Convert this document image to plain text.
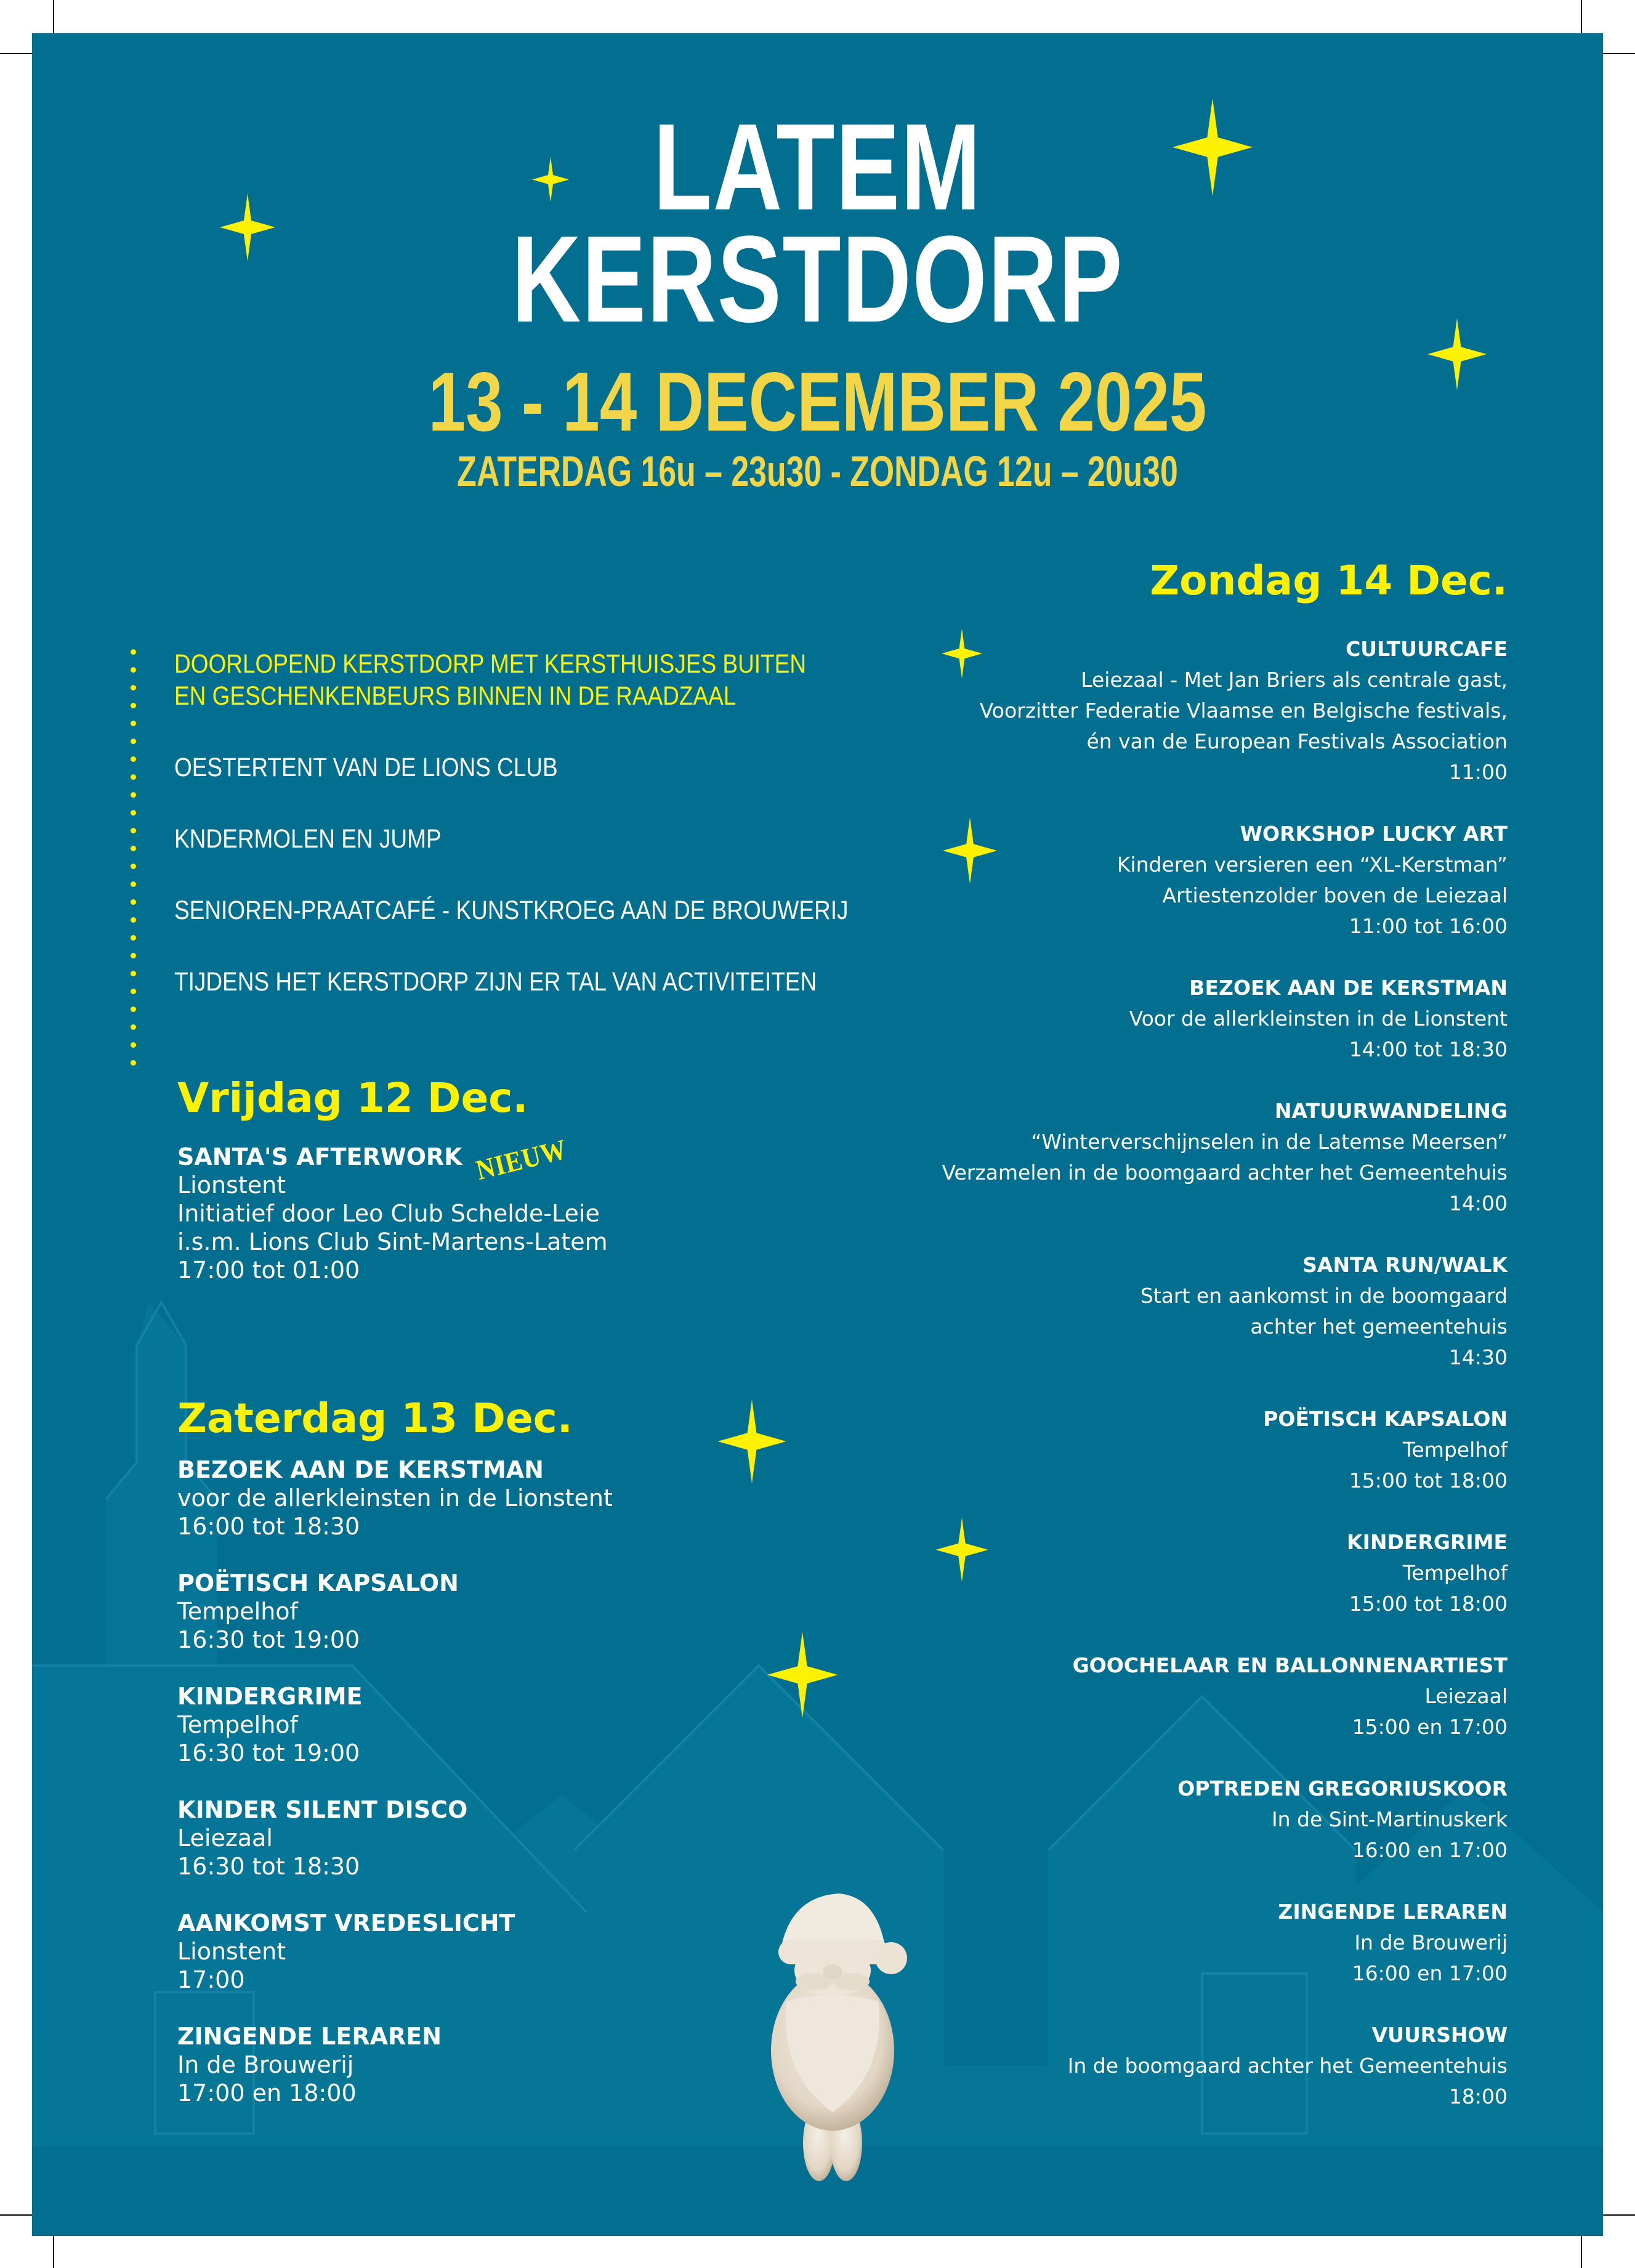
LATEM
KERSTDORP
13 - 14 DECEMBER 2025
ZATERDAG 16u – 23u30 - ZONDAG 12u – 20u30
DOORLOPEND KERSTDORP MET KERSTHUISJES BUITEN
EN GESCHENKENBEURS BINNEN IN DE RAADZAAL
OESTERTENT VAN DE LIONS CLUB
KNDERMOLEN EN JUMP
SENIOREN-PRAATCAFÉ - KUNSTKROEG AAN DE BROUWERIJ
TIJDENS HET KERSTDORP ZIJN ER TAL VAN ACTIVITEITEN
Vrijdag 12 Dec.
SANTA'S AFTERWORK
Lionstent
Initiatief door Leo Club Schelde-Leie
i.s.m. Lions Club Sint-Martens-Latem
17:00 tot 01:00
NIEUW
Zaterdag 13 Dec.
BEZOEK AAN DE KERSTMAN
voor de allerkleinsten in de Lionstent
16:00 tot 18:30
POËTISCH KAPSALON
Tempelhof
16:30 tot 19:00
KINDERGRIME
Tempelhof
16:30 tot 19:00
KINDER SILENT DISCO
Leiezaal
16:30 tot 18:30
AANKOMST VREDESLICHT
Lionstent
17:00
ZINGENDE LERAREN
In de Brouwerij
17:00 en 18:00
Zondag 14 Dec.
CULTUURCAFE
Leiezaal - Met Jan Briers als centrale gast,
Voorzitter Federatie Vlaamse en Belgische festivals,
én van de European Festivals Association
11:00
WORKSHOP LUCKY ART
Kinderen versieren een “XL-Kerstman”
Artiestenzolder boven de Leiezaal
11:00 tot 16:00
BEZOEK AAN DE KERSTMAN
Voor de allerkleinsten in de Lionstent
14:00 tot 18:30
NATUURWANDELING
“Winterverschijnselen in de Latemse Meersen”
Verzamelen in de boomgaard achter het Gemeentehuis
14:00
SANTA RUN/WALK
Start en aankomst in de boomgaard
achter het gemeentehuis
14:30
POËTISCH KAPSALON
Tempelhof
15:00 tot 18:00
KINDERGRIME
Tempelhof
15:00 tot 18:00
GOOCHELAAR EN BALLONNENARTIEST
Leiezaal
15:00 en 17:00
OPTREDEN GREGORIUSKOOR
In de Sint-Martinuskerk
16:00 en 17:00
ZINGENDE LERAREN
In de Brouwerij
16:00 en 17:00
VUURSHOW
In de boomgaard achter het Gemeentehuis
18:00
